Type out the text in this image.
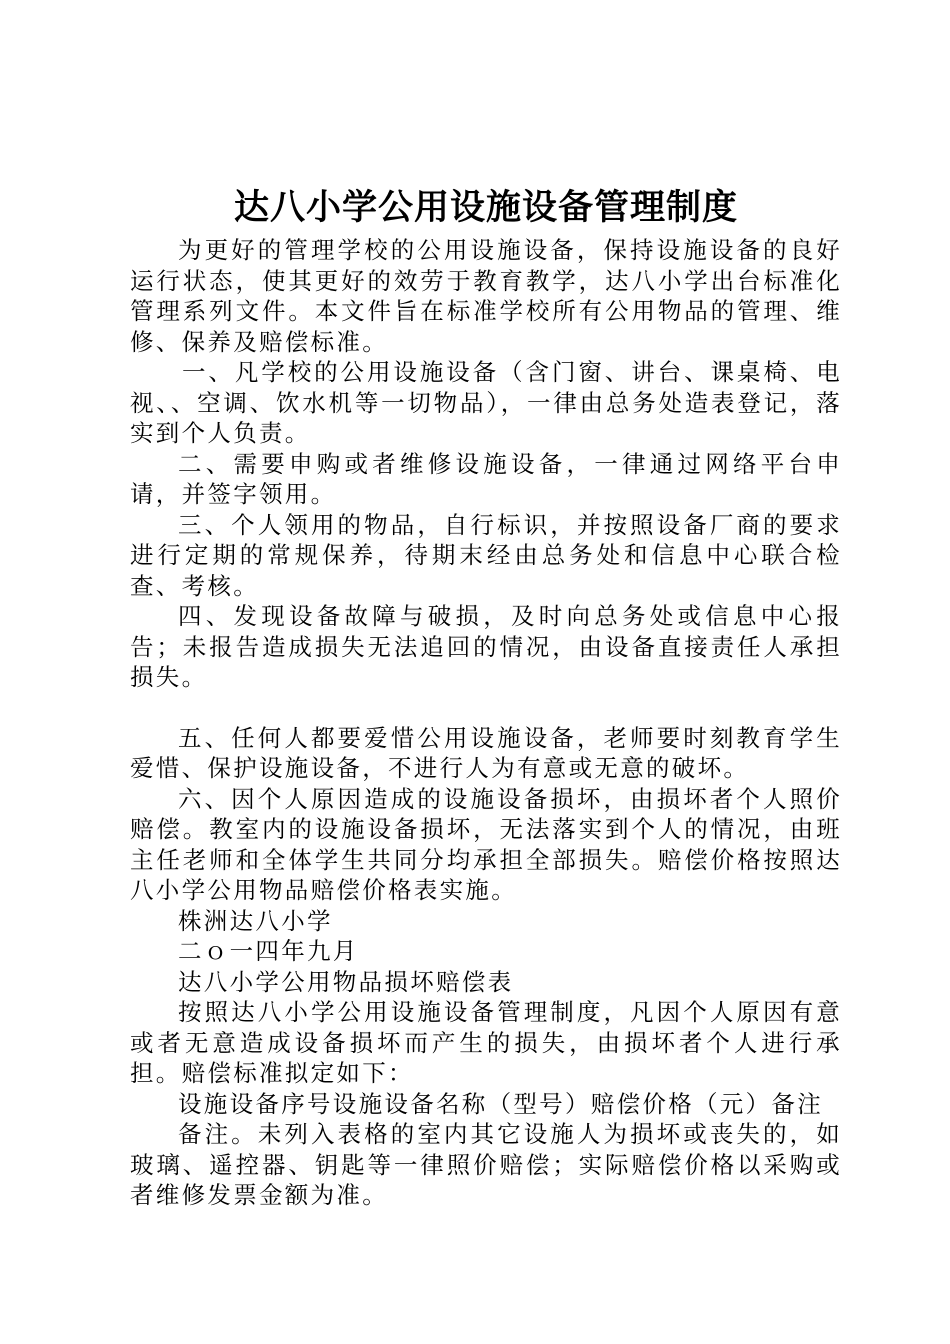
达八小学公用设施设备管理制度

为更好的管理学校的公用设施设备，保持设施设备的良好运行状态，使其更好的效劳于教育教学，达八小学出台标准化管理系列文件。本文件旨在标准学校所有公用物品的管理、维修、保养及赔偿标准。

一、凡学校的公用设施设备（含门窗、讲台、课桌椅、电视、、空调、饮水机等一切物品），一律由总务处造表登记，落实到个人负责。

二、需要申购或者维修设施设备，一律通过网络平台申请，并签字领用。

三、个人领用的物品，自行标识，并按照设备厂商的要求进行定期的常规保养，待期末经由总务处和信息中心联合检查、考核。

四、发现设备故障与破损，及时向总务处或信息中心报告；未报告造成损失无法追回的情况，由设备直接责任人承担损失。

五、任何人都要爱惜公用设施设备，老师要时刻教育学生爱惜、保护设施设备，不进行人为有意或无意的破坏。

六、因个人原因造成的设施设备损坏，由损坏者个人照价赔偿。教室内的设施设备损坏，无法落实到个人的情况，由班主任老师和全体学生共同分均承担全部损失。赔偿价格按照达八小学公用物品赔偿价格表实施。

株洲达八小学

二ｏ一四年九月

达八小学公用物品损坏赔偿表

按照达八小学公用设施设备管理制度，凡因个人原因有意或者无意造成设备损坏而产生的损失，由损坏者个人进行承担。赔偿标准拟定如下：

设施设备序号设施设备名称（型号）赔偿价格（元）备注

备注。未列入表格的室内其它设施人为损坏或丧失的，如玻璃、遥控器、钥匙等一律照价赔偿；实际赔偿价格以采购或者维修发票金额为准。
